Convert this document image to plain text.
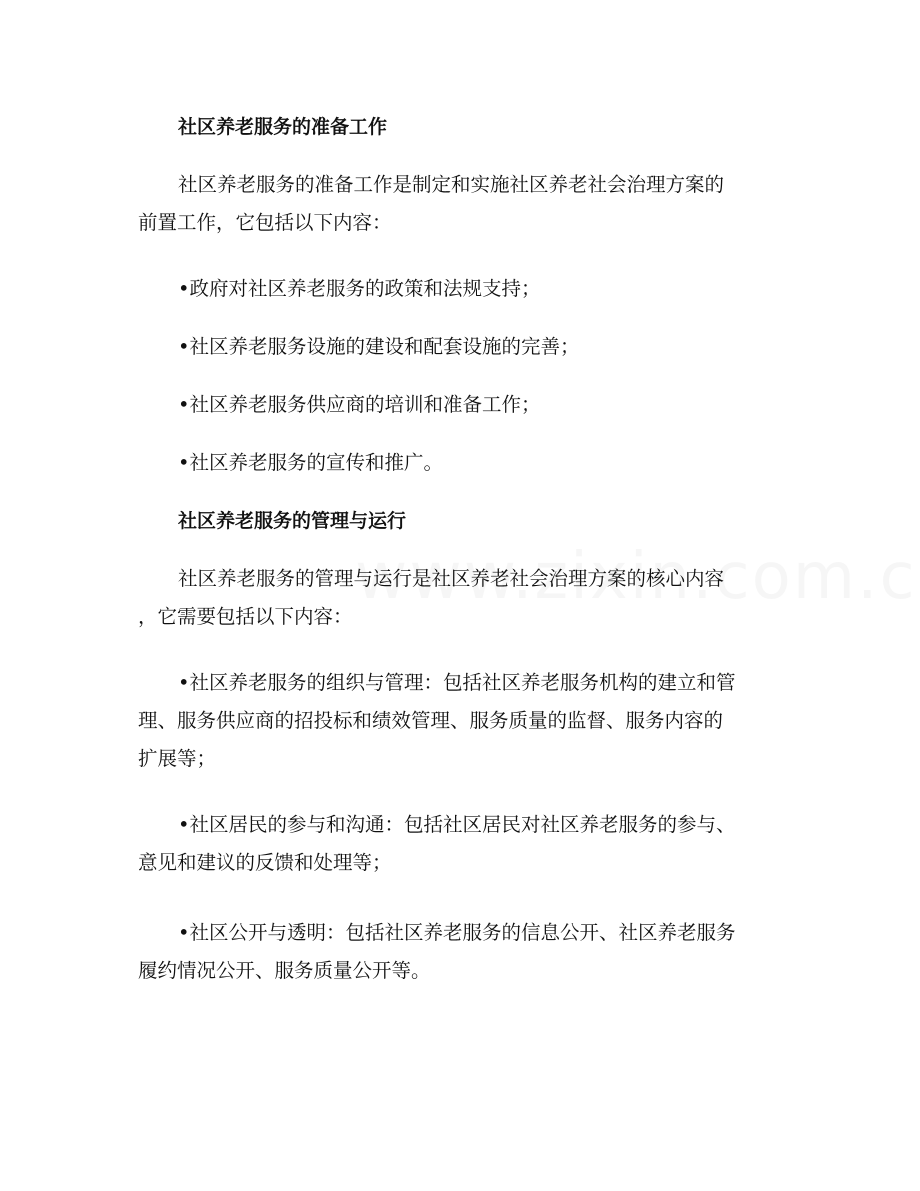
社区养老服务的准备工作
社区养老服务的准备工作是制定和实施社区养老社会治理方案的
前置工作，它包括以下内容：
•政府对社区养老服务的政策和法规支持；
•社区养老服务设施的建设和配套设施的完善；
•社区养老服务供应商的培训和准备工作；
•社区养老服务的宣传和推广。
社区养老服务的管理与运行
社区养老服务的管理与运行是社区养老社会治理方案的核心内容
，它需要包括以下内容：
•社区养老服务的组织与管理：包括社区养老服务机构的建立和管
理、服务供应商的招投标和绩效管理、服务质量的监督、服务内容的
扩展等；
•社区居民的参与和沟通：包括社区居民对社区养老服务的参与、
意见和建议的反馈和处理等；
•社区公开与透明：包括社区养老服务的信息公开、社区养老服务
履约情况公开、服务质量公开等。
